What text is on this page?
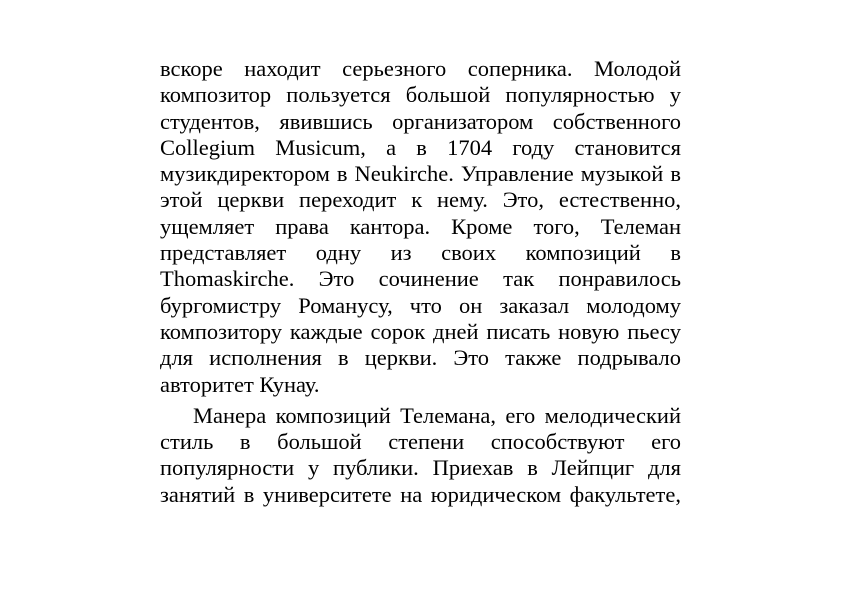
вскоре находит серьезного соперника. Молодой
композитор пользуется большой популярностью у
студентов, явившись организатором собственного
Collegium Musicum, а в 1704 году становится
музикдиректором в Neukirche. Управление музыкой в
этой церкви переходит к нему. Это, естественно,
ущемляет права кантора. Кроме того, Телеман
представляет одну из своих композиций в
Thomaskirche. Это сочинение так понравилось
бургомистру Романусу, что он заказал молодому
композитору каждые сорок дней писать новую пьесу
для исполнения в церкви. Это также подрывало
авторитет Кунау.

Манера композиций Телемана, его мелодический
стиль в большой степени способствуют его
популярности у публики. Приехав в Лейпциг для
занятий в университете на юридическом факультете,
